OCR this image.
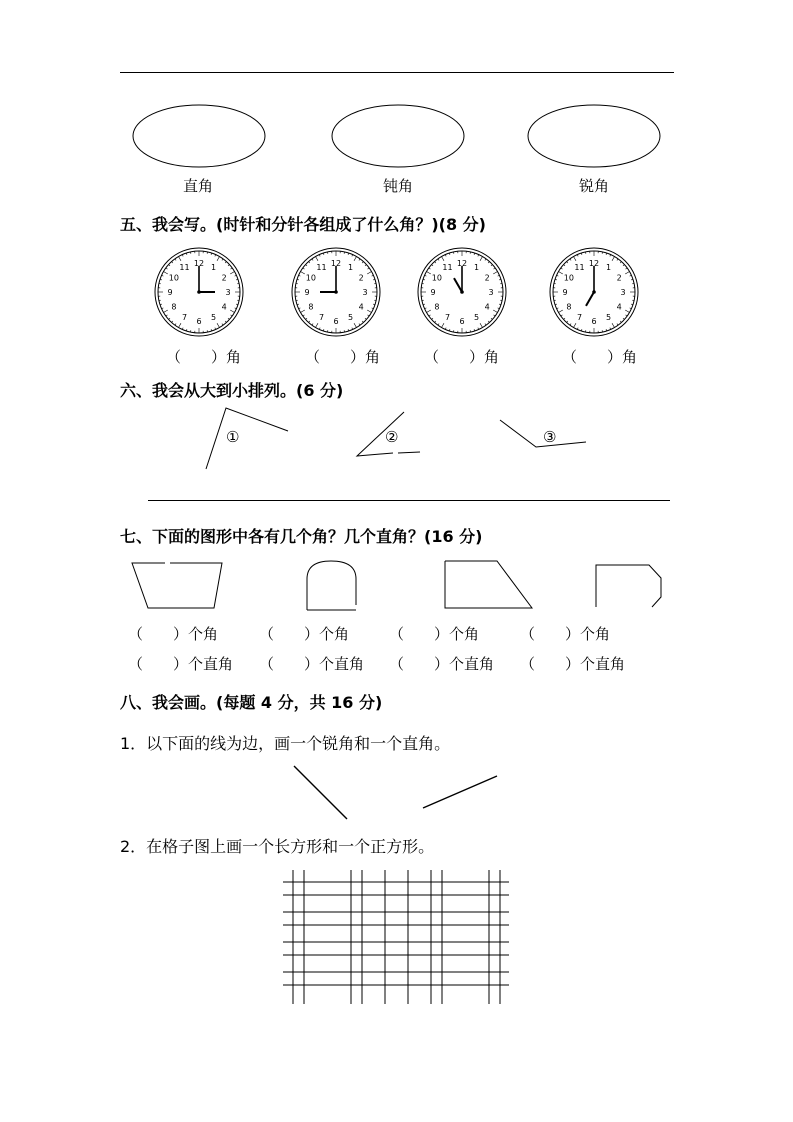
直角	钝角	锐角
五、我会写。(时针和分针各组成了什么角？)(8 分)
12 1
2
3
4
5
6
7
8
9
10
11	12 1
2
3
4
5
6
7
8
9
10
11	12 1
2
3
4
5
6
7
8
9
10
11	12 1
2
3
4
5
6
7
8
9
10
11
（　　）角	（　　）角	（　　）角	（　　）角
六、我会从大到小排列。(6 分)
①	②	③
七、下面的图形中各有几个角？几个直角？(16 分)
（　　）个角	（　　）个角	（　　）个角	（　　）个角
（　　）个直角 （　　）个直角 （　　）个直角 （　　）个直角
八、我会画。(每题 4 分，共 16 分)
1．以下面的线为边，画一个锐角和一个直角。
2．在格子图上画一个长方形和一个正方形。
